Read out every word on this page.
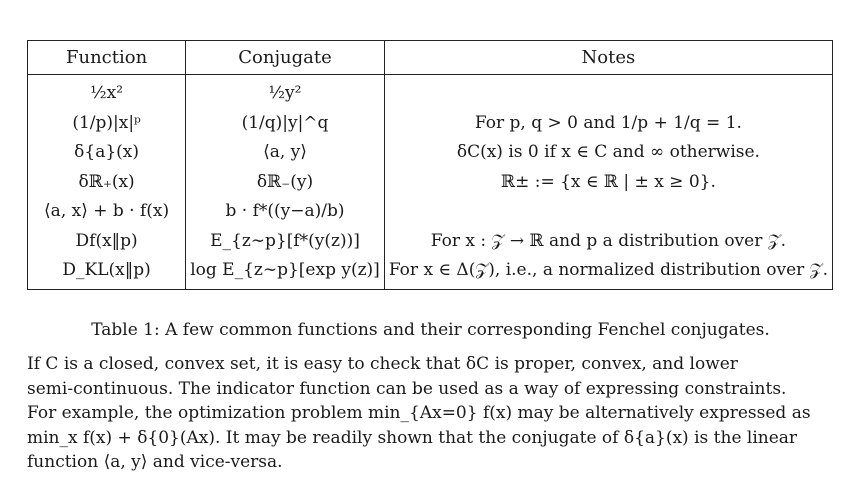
Function	Conjugate	Notes
½x²	½y²	
(1/p)|x|ᵖ	(1/q)|y|^q	For p, q > 0 and 1/p + 1/q = 1.
δ{a}(x)	⟨a, y⟩	δC(x) is 0 if x ∈ C and ∞ otherwise.
δℝ₊(x)	δℝ₋(y)	ℝ± := {x ∈ ℝ | ± x ≥ 0}.
⟨a, x⟩ + b · f(x)	b · f*((y−a)/b)	
Df(x‖p)	E_{z∼p}[f*(y(z))]	For x : 𝒵 → ℝ and p a distribution over 𝒵.
D_KL(x‖p)	log E_{z∼p}[exp y(z)]	For x ∈ Δ(𝒵), i.e., a normalized distribution over 𝒵.
Table 1: A few common functions and their corresponding Fenchel conjugates.
If C is a closed, convex set, it is easy to check that δC is proper, convex, and lower
semi-continuous. The indicator function can be used as a way of expressing constraints.
For example, the optimization problem min_{Ax=0} f(x) may be alternatively expressed as
min_x f(x) + δ{0}(Ax). It may be readily shown that the conjugate of δ{a}(x) is the linear
function ⟨a, y⟩ and vice-versa.
